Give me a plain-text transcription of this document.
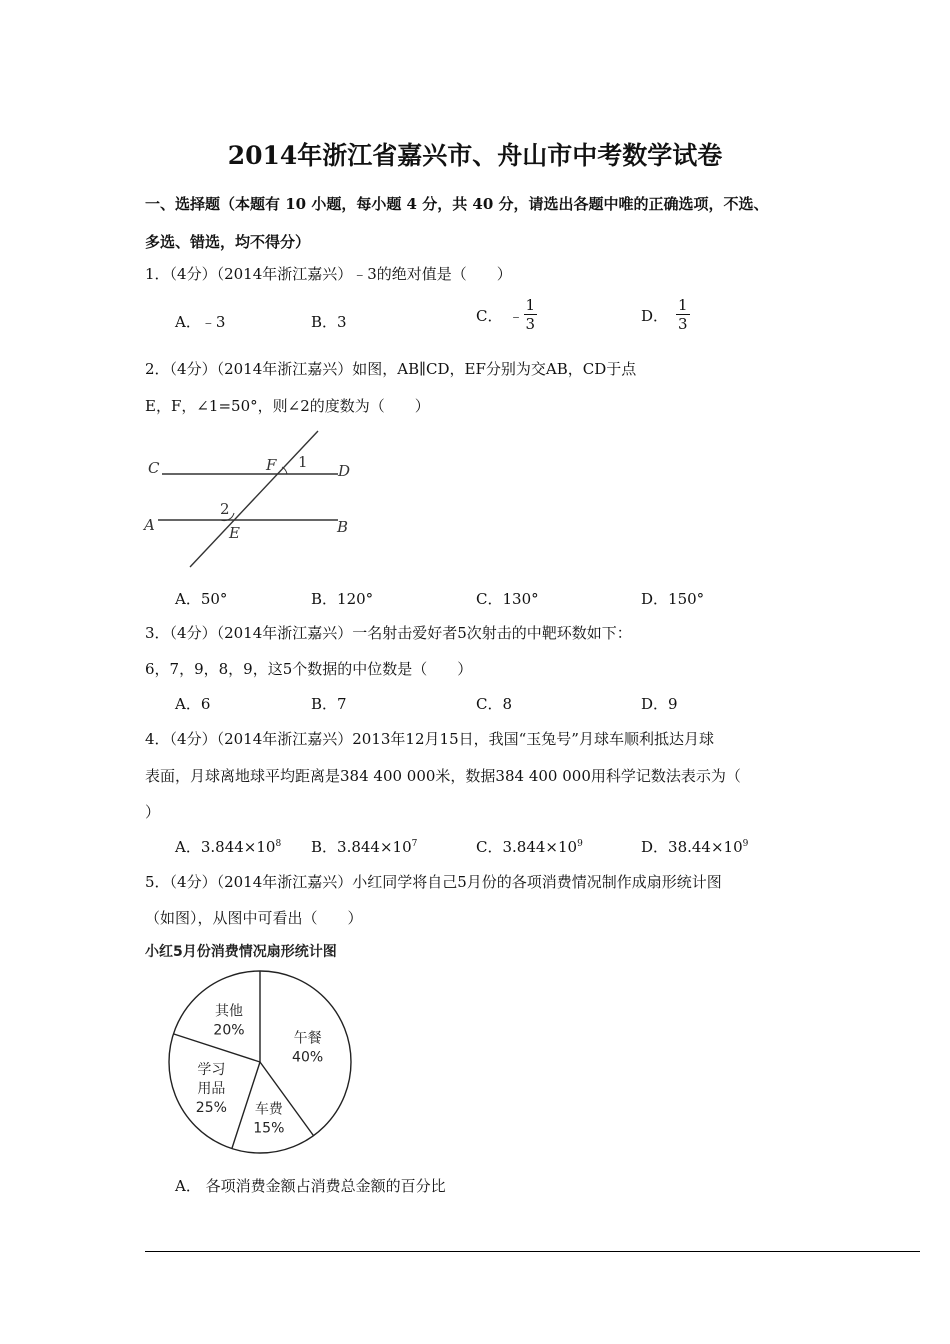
2014年浙江省嘉兴市、舟山市中考数学试卷
一、选择题（本题有 10 小题，每小题 4 分，共 40 分，请选出各题中唯的正确选项，不选、
多选、错选，均不得分）
1．（4分）（2014年浙江嘉兴）﹣3的绝对值是（　　）
A．﹣3	B．3	C． ﹣ $\frac{1}{3}$	D． $\frac{1}{3}$
2．（4分）（2014年浙江嘉兴）如图，AB∥CD，EF分别为交AB，CD于点
E，F，∠1=50°，则∠2的度数为（　　）
C	D
A	B
F
E
1
2
A．50°	B．120°	C．130°	D．150°
3．（4分）（2014年浙江嘉兴）一名射击爱好者5次射击的中靶环数如下：
6，7，9，8，9，这5个数据的中位数是（　　）
A．6	B．7	C．8	D．9
4．（4分）（2014年浙江嘉兴）2013年12月15日，我国“玉兔号”月球车顺利抵达月球
表面，月球离地球平均距离是384 400 000米，数据384 400 000用科学记数法表示为（
）
A．$3.844\times 10^8$ B．$3.844\times 10^7$	C．$3.844\times 10^9$	D．$38.44\times 10^9$
5．（4分）（2014年浙江嘉兴）小红同学将自己5月份的各项消费情况制作成扇形统计图
（如图），从图中可看出（　　）
小红5月份消费情况扇形统计图
午餐
40%
车费
15%
学习
用品
25%
其他
20%
A． 各项消费金额占消费总金额的百分比
